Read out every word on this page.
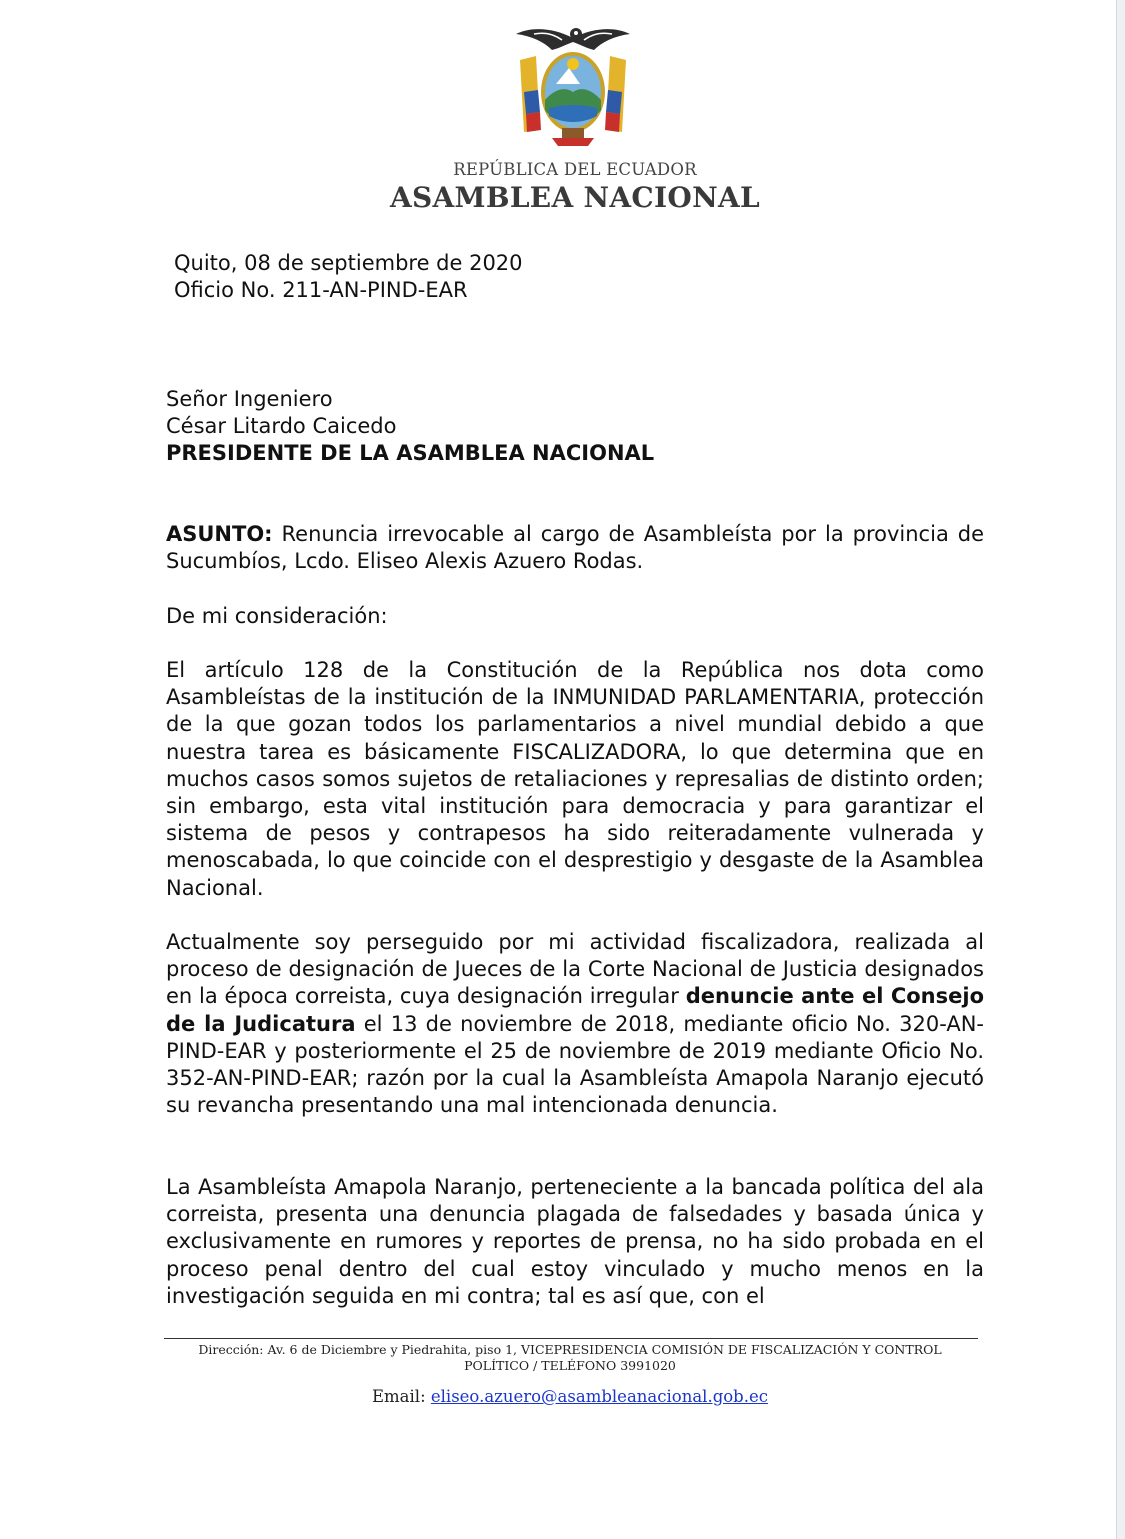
REPÚBLICA DEL ECUADOR
ASAMBLEA NACIONAL
Quito, 08 de septiembre de 2020
Oficio No. 211-AN-PIND-EAR
Señor Ingeniero
César Litardo Caicedo
PRESIDENTE DE LA ASAMBLEA NACIONAL

ASUNTO: Renuncia irrevocable al cargo de Asambleísta por la provincia de Sucumbíos, Lcdo. Eliseo Alexis Azuero Rodas.

De mi consideración:

El artículo 128 de la Constitución de la República nos dota como Asambleístas de la institución de la INMUNIDAD PARLAMENTARIA, protección de la que gozan todos los parlamentarios a nivel mundial debido a que nuestra tarea es básicamente FISCALIZADORA, lo que determina que en muchos casos somos sujetos de retaliaciones y represalias de distinto orden; sin embargo, esta vital institución para democracia y para garantizar el sistema de pesos y contrapesos ha sido reiteradamente vulnerada y menoscabada, lo que coincide con el desprestigio y desgaste de la Asamblea Nacional.

Actualmente soy perseguido por mi actividad fiscalizadora, realizada al proceso de designación de Jueces de la Corte Nacional de Justicia designados en la época correista, cuya designación irregular denuncie ante el Consejo de la Judicatura el 13 de noviembre de 2018, mediante oficio No. 320-AN-PIND-EAR y posteriormente el 25 de noviembre de 2019 mediante Oficio No. 352-AN-PIND-EAR; razón por la cual la Asambleísta Amapola Naranjo ejecutó su revancha presentando una mal intencionada denuncia.

La Asambleísta Amapola Naranjo, perteneciente a la bancada política del ala correista, presenta una denuncia plagada de falsedades y basada única y exclusivamente en rumores y reportes de prensa, no ha sido probada en el proceso penal dentro del cual estoy vinculado y mucho menos en la investigación seguida en mi contra; tal es así que, con el

Dirección: Av. 6 de Diciembre y Piedrahita, piso 1, VICEPRESIDENCIA COMISIÓN DE FISCALIZACIÓN Y CONTROL
POLÍTICO / TELÉFONO 3991020
Email: eliseo.azuero@asambleanacional.gob.ec
